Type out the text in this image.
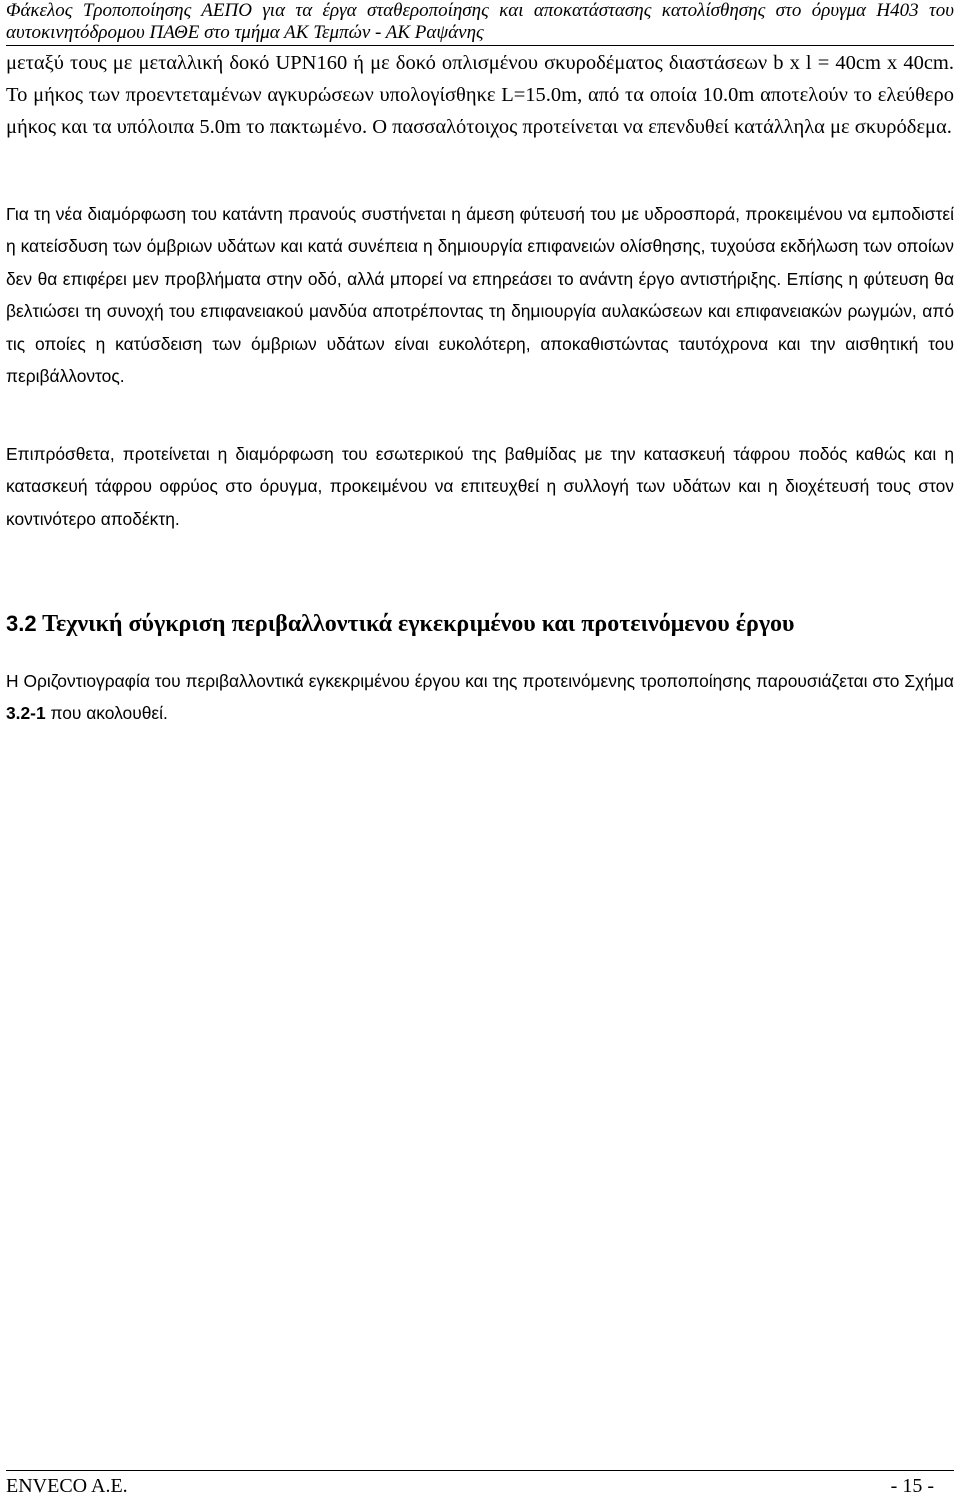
Φάκελος Τροποποίησης ΑΕΠΟ για τα έργα σταθεροποίησης και αποκατάστασης κατολίσθησης στο όρυγμα Η403 του αυτοκινητόδρομου ΠΑΘΕ στο τμήμα ΑΚ Τεμπών - ΑΚ Ραψάνης

μεταξύ τους με μεταλλική δοκό UPN160 ή με δοκό οπλισμένου σκυροδέματος διαστάσεων b x l = 40cm x 40cm. Το μήκος των προεντεταμένων αγκυρώσεων υπολογίσθηκε L=15.0m, από τα οποία 10.0m αποτελούν το ελεύθερο μήκος και τα υπόλοιπα 5.0m το πακτωμένο. Ο πασσαλότοιχος προτείνεται να επενδυθεί κατάλληλα με σκυρόδεμα.

Για τη νέα διαμόρφωση του κατάντη πρανούς συστήνεται η άμεση φύτευσή του με υδροσπορά, προκειμένου να εμποδιστεί η κατείσδυση των όμβριων υδάτων και κατά συνέπεια η δημιουργία επιφανειών ολίσθησης, τυχούσα εκδήλωση των οποίων δεν θα επιφέρει μεν προβλήματα στην οδό, αλλά μπορεί να επηρεάσει το ανάντη έργο αντιστήριξης. Επίσης η φύτευση θα βελτιώσει τη συνοχή του επιφανειακού μανδύα αποτρέποντας τη δημιουργία αυλακώσεων και επιφανειακών ρωγμών, από τις οποίες η κατύσδειση των όμβριων υδάτων είναι ευκολότερη, αποκαθιστώντας ταυτόχρονα και την αισθητική του περιβάλλοντος.

Επιπρόσθετα, προτείνεται η διαμόρφωση του εσωτερικού της βαθμίδας με την κατασκευή τάφρου ποδός καθώς και η κατασκευή τάφρου οφρύος στο όρυγμα, προκειμένου να επιτευχθεί η συλλογή των υδάτων και η διοχέτευσή τους στον κοντινότερο αποδέκτη.

3.2 Τεχνική σύγκριση περιβαλλοντικά εγκεκριμένου και προτεινόμενου έργου

Η Οριζοντιογραφία του περιβαλλοντικά εγκεκριμένου έργου και της προτεινόμενης τροποποίησης παρουσιάζεται στο Σχήμα 3.2-1 που ακολουθεί.

ENVECO A.E.	- 15 -
